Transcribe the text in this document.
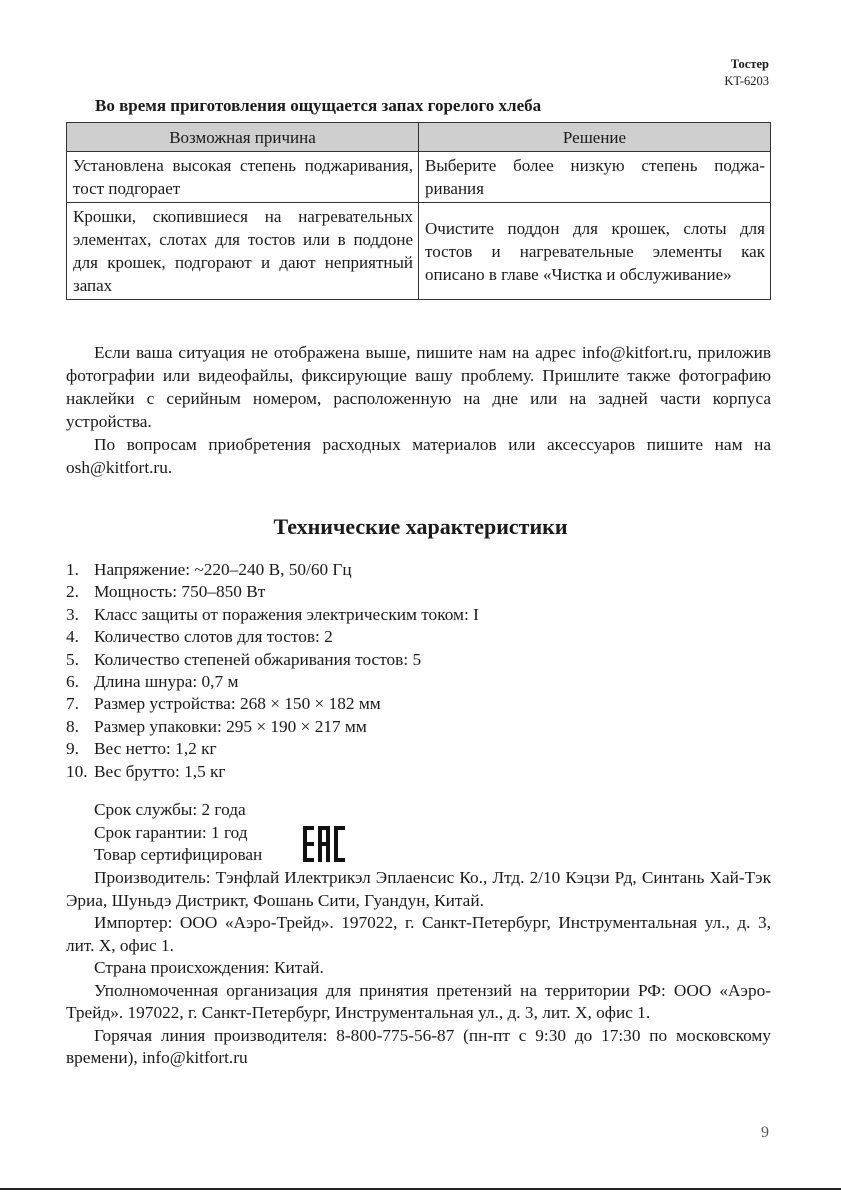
Тостер
KT-6203
Во время приготовления ощущается запах горелого хлеба
Возможная причина	Решение
Установлена высокая степень поджаривания, тост подгорает	Выберите более низкую степень поджаривания
Крошки, скопившиеся на нагревательных элементах, слотах для тостов или в поддоне для крошек, подгорают и дают неприятный запах	Очистите поддон для крошек, слоты для тостов и нагревательные элементы как описано в главе «Чистка и обслуживание»

Если ваша ситуация не отображена выше, пишите нам на адрес info@kitfort.ru, приложив фотографии или видеофайлы, фиксирующие вашу проблему. Пришлите также фотографию наклейки с серийным номером, расположенную на дне или на задней части корпуса устройства.

По вопросам приобретения расходных материалов или аксессуаров пишите нам на osh@kitfort.ru.

Технические характеристики
1. Напряжение: ~220–240 В, 50/60 Гц
2. Мощность: 750–850 Вт
3. Класс защиты от поражения электрическим током: I
4. Количество слотов для тостов: 2
5. Количество степеней обжаривания тостов: 5
6. Длина шнура: 0,7 м
7. Размер устройства: 268 × 150 × 182 мм
8. Размер упаковки: 295 × 190 × 217 мм
9. Вес нетто: 1,2 кг
10. Вес брутто: 1,5 кг
Срок службы: 2 года
Срок гарантии: 1 год
Товар сертифицирован

Производитель: Тэнфлай Илектрикэл Эплаенсис Ко., Лтд. 2/10 Кэцзи Рд, Синтань Хай-Тэк Эриа, Шуньдэ Дистрикт, Фошань Сити, Гуандун, Китай.

Импортер: ООО «Аэро-Трейд». 197022, г. Санкт-Петербург, Инструментальная ул., д. 3, лит. Х, офис 1.

Страна происхождения: Китай.

Уполномоченная организация для принятия претензий на территории РФ: ООО «Аэро-Трейд». 197022, г. Санкт-Петербург, Инструментальная ул., д. 3, лит. Х, офис 1.

Горячая линия производителя: 8-800-775-56-87 (пн-пт с 9:30 до 17:30 по московскому времени), info@kitfort.ru

9
